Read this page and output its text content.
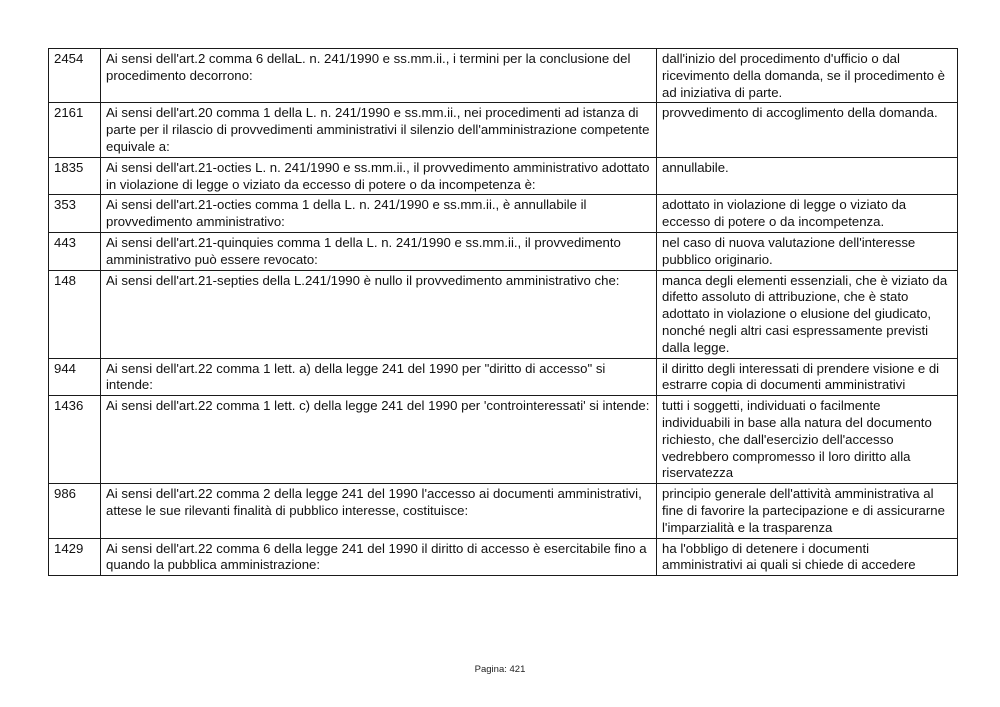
2454	Ai sensi dell'art.2 comma 6 dellaL. n. 241/1990 e ss.mm.ii., i termini per la conclusione del procedimento decorrono:	dall'inizio del procedimento d'ufficio o dal ricevimento della domanda, se il procedimento è ad iniziativa di parte.
2161	Ai sensi dell'art.20 comma 1 della L. n. 241/1990 e ss.mm.ii., nei procedimenti ad istanza di parte per il rilascio di provvedimenti amministrativi il silenzio dell'amministrazione competente equivale a:	provvedimento di accoglimento della domanda.
1835	Ai sensi dell'art.21-octies L. n. 241/1990 e ss.mm.ii., il provvedimento amministrativo adottato in violazione di legge o viziato da eccesso di potere o da incompetenza è:	annullabile.
353	Ai sensi dell'art.21-octies comma 1 della L. n. 241/1990 e ss.mm.ii., è annullabile il provvedimento amministrativo:	adottato in violazione di legge o viziato da eccesso di potere o da incompetenza.
443	Ai sensi dell'art.21-quinquies comma 1 della L. n. 241/1990 e ss.mm.ii., il provvedimento amministrativo può essere revocato:	nel caso di nuova valutazione dell'interesse pubblico originario.
148	Ai sensi dell'art.21-septies della L.241/1990 è nullo il provvedimento amministrativo che:	manca degli elementi essenziali, che è viziato da difetto assoluto di attribuzione, che è stato adottato in violazione o elusione del giudicato, nonché negli altri casi espressamente previsti dalla legge.
944	Ai sensi dell'art.22 comma 1 lett. a) della legge 241 del 1990 per "diritto di accesso" si intende:	il diritto degli interessati di prendere visione e di estrarre copia di documenti amministrativi
1436	Ai sensi dell'art.22 comma 1 lett. c) della legge 241 del 1990 per 'controinteressati' si intende:	tutti i soggetti, individuati o facilmente individuabili in base alla natura del documento richiesto, che dall'esercizio dell'accesso vedrebbero compromesso il loro diritto alla riservatezza
986	Ai sensi dell'art.22 comma 2 della legge 241 del 1990 l'accesso ai documenti amministrativi, attese le sue rilevanti finalità di pubblico interesse, costituisce:	principio generale dell'attività amministrativa al fine di favorire la partecipazione e di assicurarne l'imparzialità e la trasparenza
1429	Ai sensi dell'art.22 comma 6 della legge 241 del 1990 il diritto di accesso è esercitabile fino a quando la pubblica amministrazione:	ha l'obbligo di detenere i documenti amministrativi ai quali si chiede di accedere
Pagina: 421
